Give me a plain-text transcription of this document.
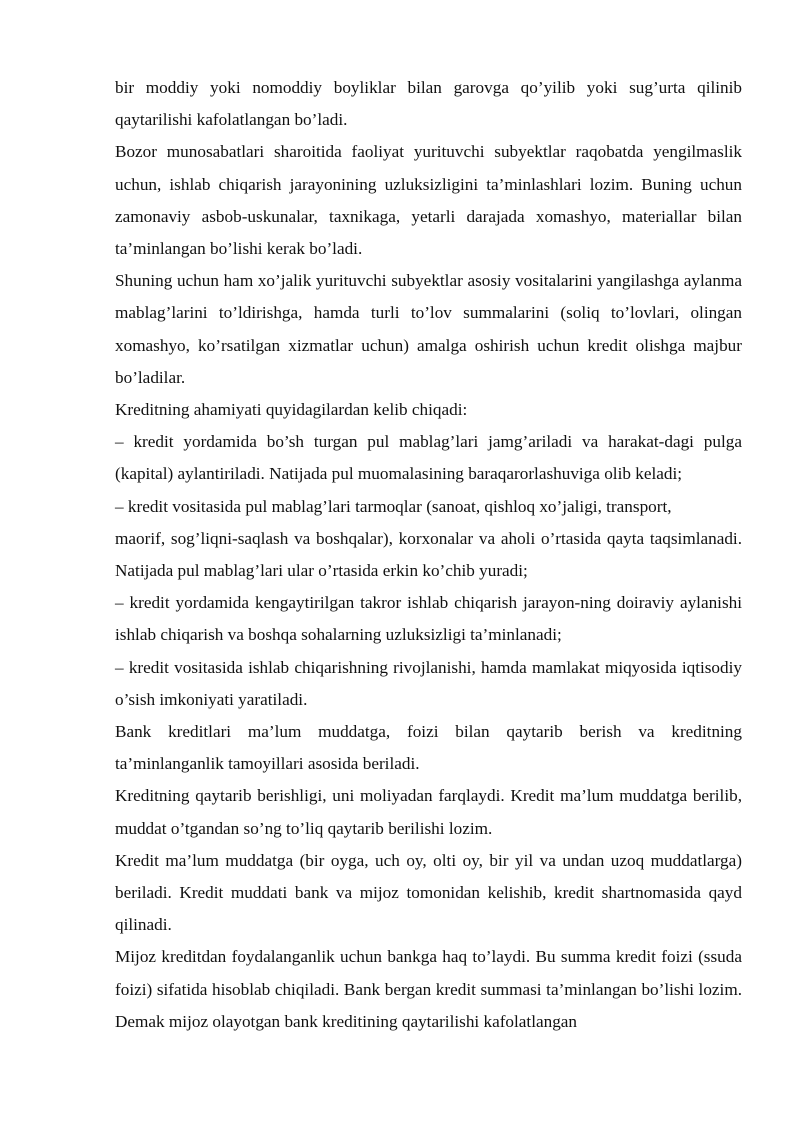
bir moddiy yoki nomoddiy boyliklar bilan garovga qo’yilib yoki sug’urta qilinib qaytarilishi kafolatlangan bo’ladi.

Bozor munosabatlari sharoitida faoliyat yurituvchi subyektlar raqobatda yengilmaslik uchun, ishlab chiqarish jarayonining uzluksizligini ta’minlashlari lozim. Buning uchun zamonaviy asbob-uskunalar, taxnikaga, yetarli darajada xomashyo, materiallar bilan ta’minlangan bo’lishi kerak bo’ladi.

Shuning uchun ham xo’jalik yurituvchi subyektlar asosiy vositalarini yangilashga aylanma mablag’larini to’ldirishga, hamda turli to’lov summalarini (soliq to’lovlari, olingan xomashyo, ko’rsatilgan xizmatlar uchun) amalga oshirish uchun kredit olishga majbur bo’ladilar.

Kreditning ahamiyati quyidagilardan kelib chiqadi:

– kredit yordamida bo’sh turgan pul mablag’lari jamg’ariladi va harakat-dagi pulga (kapital) aylantiriladi. Natijada pul muomalasining baraqarorlashuviga olib keladi;

– kredit vositasida pul mablag’lari tarmoqlar (sanoat, qishloq xo’jaligi, transport,

maorif, sog’liqni-saqlash va boshqalar), korxonalar va aholi o’rtasida qayta taqsimlanadi. Natijada pul mablag’lari ular o’rtasida erkin ko’chib yuradi;

– kredit yordamida kengaytirilgan takror ishlab chiqarish jarayon-ning doiraviy aylanishi ishlab chiqarish va boshqa sohalarning uzluksizligi ta’minlanadi;

– kredit vositasida ishlab chiqarishning rivojlanishi, hamda mamlakat miqyosida iqtisodiy o’sish imkoniyati yaratiladi.

Bank kreditlari ma’lum muddatga, foizi bilan qaytarib berish va kreditning ta’minlanganlik tamoyillari asosida beriladi.

Kreditning qaytarib berishligi, uni moliyadan farqlaydi. Kredit ma’lum muddatga berilib, muddat o’tgandan so’ng to’liq qaytarib berilishi lozim.

Kredit ma’lum muddatga (bir oyga, uch oy, olti oy, bir yil va undan uzoq muddatlarga) beriladi. Kredit muddati bank va mijoz tomonidan kelishib, kredit shartnomasida qayd qilinadi.

Mijoz kreditdan foydalanganlik uchun bankga haq to’laydi. Bu summa kredit foizi (ssuda foizi) sifatida hisoblab chiqiladi. Bank bergan kredit summasi ta’minlangan bo’lishi lozim. Demak mijoz olayotgan bank kreditining qaytarilishi kafolatlangan
